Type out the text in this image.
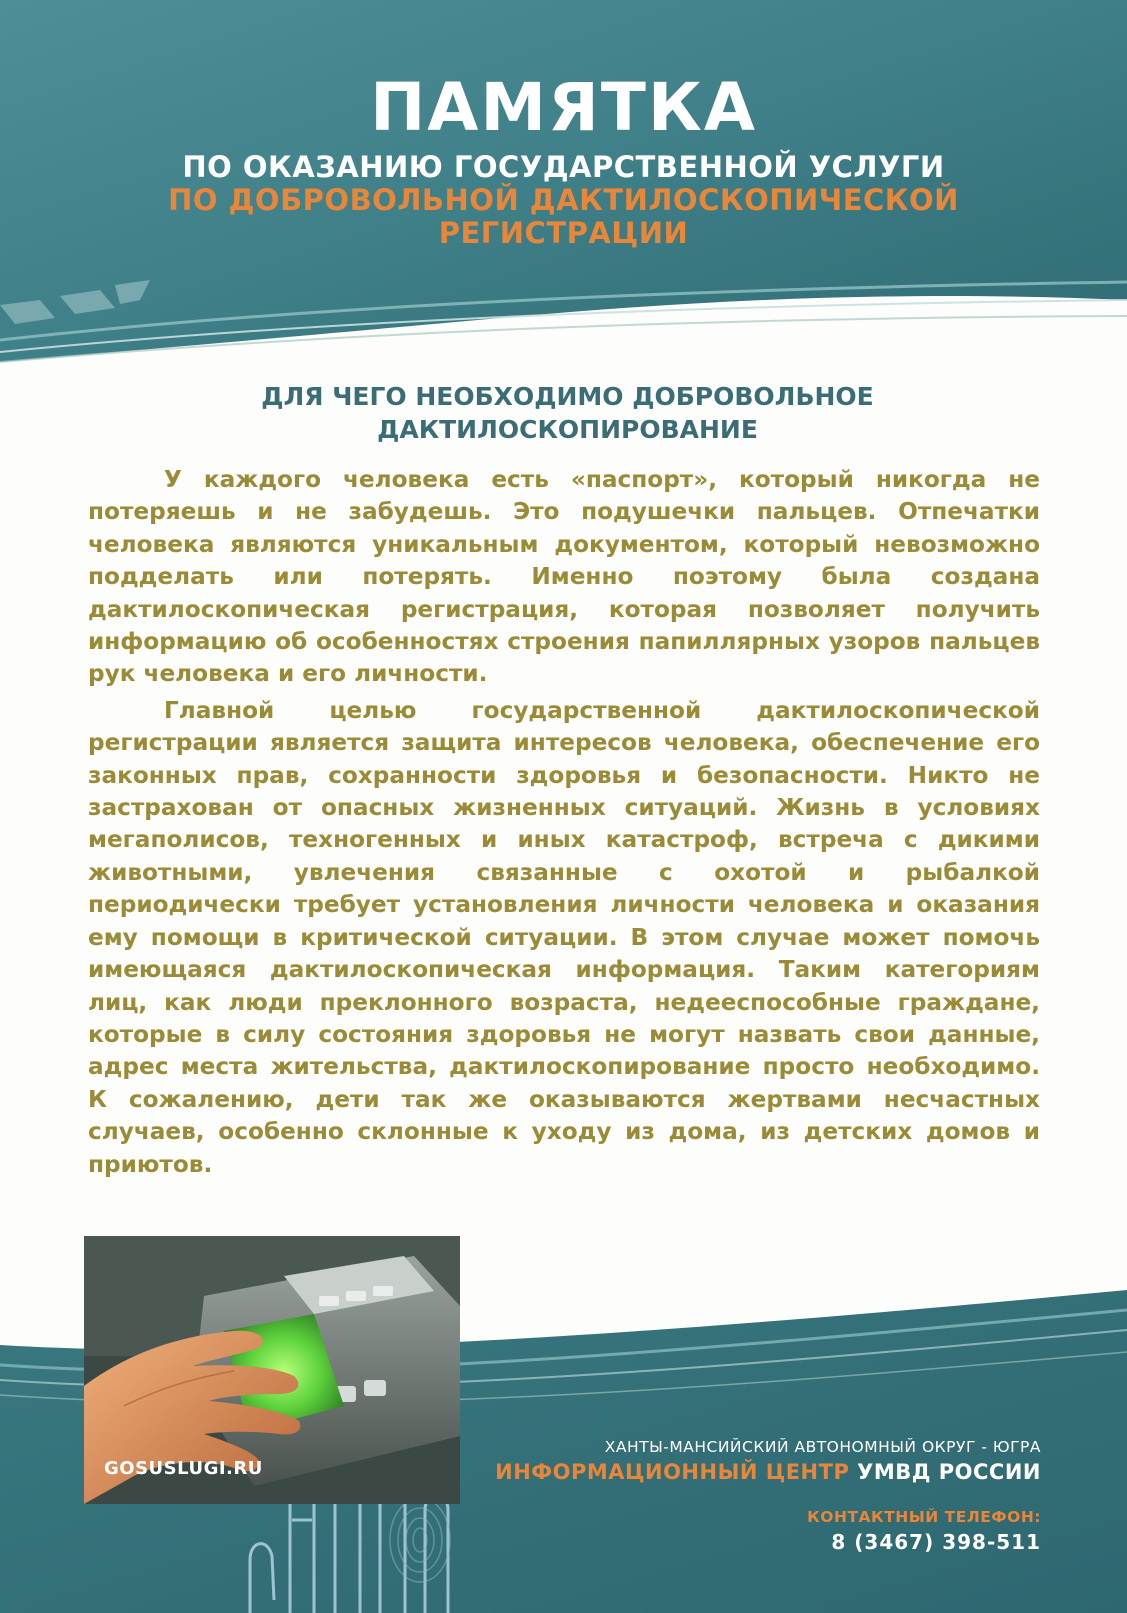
ПАМЯТКА
ПО ОКАЗАНИЮ ГОСУДАРСТВЕННОЙ УСЛУГИ
ПО ДОБРОВОЛЬНОЙ ДАКТИЛОСКОПИЧЕСКОЙ
РЕГИСТРАЦИИ
ДЛЯ ЧЕГО НЕОБХОДИМО ДОБРОВОЛЬНОЕ
ДАКТИЛОСКОПИРОВАНИЕ

У каждого человека есть «паспорт», который никогда не потеряешь и не забудешь. Это подушечки пальцев. Отпечатки человека являются уникальным документом, который невозможно подделать или потерять. Именно поэтому была создана дактилоскопическая регистрация, которая позволяет получить информацию об особенностях строения папиллярных узоров пальцев рук человека и его личности.

Главной целью государственной дактилоскопической регистрации является защита интересов человека, обеспечение его законных прав, сохранности здоровья и безопасности. Никто не застрахован от опасных жизненных ситуаций. Жизнь в условиях мегаполисов, техногенных и иных катастроф, встреча с дикими животными, увлечения связанные с охотой и рыбалкой периодически требует установления личности человека и оказания ему помощи в критической ситуации. В этом случае может помочь имеющаяся дактилоскопическая информация. Таким категориям лиц, как люди преклонного возраста, недееспособные граждане, которые в силу состояния здоровья не могут назвать свои данные, адрес места жительства, дактилоскопирование просто необходимо. К сожалению, дети так же оказываются жертвами несчастных случаев, особенно склонные к уходу из дома, из детских домов и приютов.

GOSUSLUGI.RU
ХАНТЫ-МАНСИЙСКИЙ АВТОНОМНЫЙ ОКРУГ - ЮГРА
ИНФОРМАЦИОННЫЙ ЦЕНТР УМВД РОССИИ
КОНТАКТНЫЙ ТЕЛЕФОН:
8 (3467) 398-511
